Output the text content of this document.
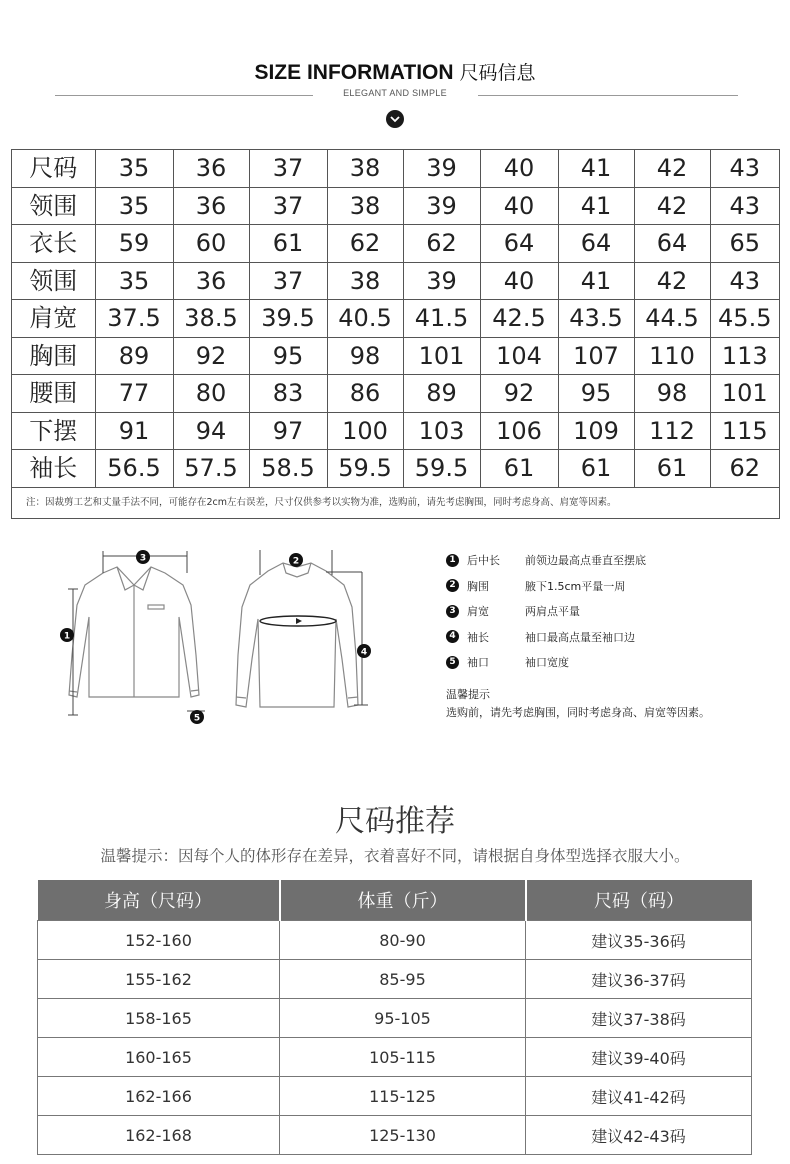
SIZE INFORMATION 尺码信息
ELEGANT AND SIMPLE
尺码	35	36	37	38	39	40	41	42	43
领围	35	36	37	38	39	40	41	42	43
衣长	59	60	61	62	62	64	64	64	65
领围	35	36	37	38	39	40	41	42	43
肩宽	37.5	38.5	39.5	40.5	41.5	42.5	43.5	44.5	45.5
胸围	89	92	95	98	101	104	107	110	113
腰围	77	80	83	86	89	92	95	98	101
下摆	91	94	97	100	103	106	109	112	115
袖长	56.5	57.5	58.5	59.5	59.5	61	61	61	62
注：因裁剪工艺和丈量手法不同，可能存在2cm左右误差，尺寸仅供参考以实物为准，选购前，请先考虑胸围，同时考虑身高、肩宽等因素。
3
1
5
2
4
1 后中长 前领边最高点垂直至摆底
2 胸围	腋下1.5cm平量一周
3 肩宽	两肩点平量
4 袖长	袖口最高点量至袖口边
5 袖口	袖口宽度
温馨提示
选购前，请先考虑胸围，同时考虑身高、肩宽等因素。
尺码推荐
温馨提示：因每个人的体形存在差异，衣着喜好不同，请根据自身体型选择衣服大小。
身高（尺码）	体重（斤）	尺码（码）
152-160	80-90	建议35-36码
155-162	85-95	建议36-37码
158-165	95-105	建议37-38码
160-165	105-115	建议39-40码
162-166	115-125	建议41-42码
162-168	125-130	建议42-43码
